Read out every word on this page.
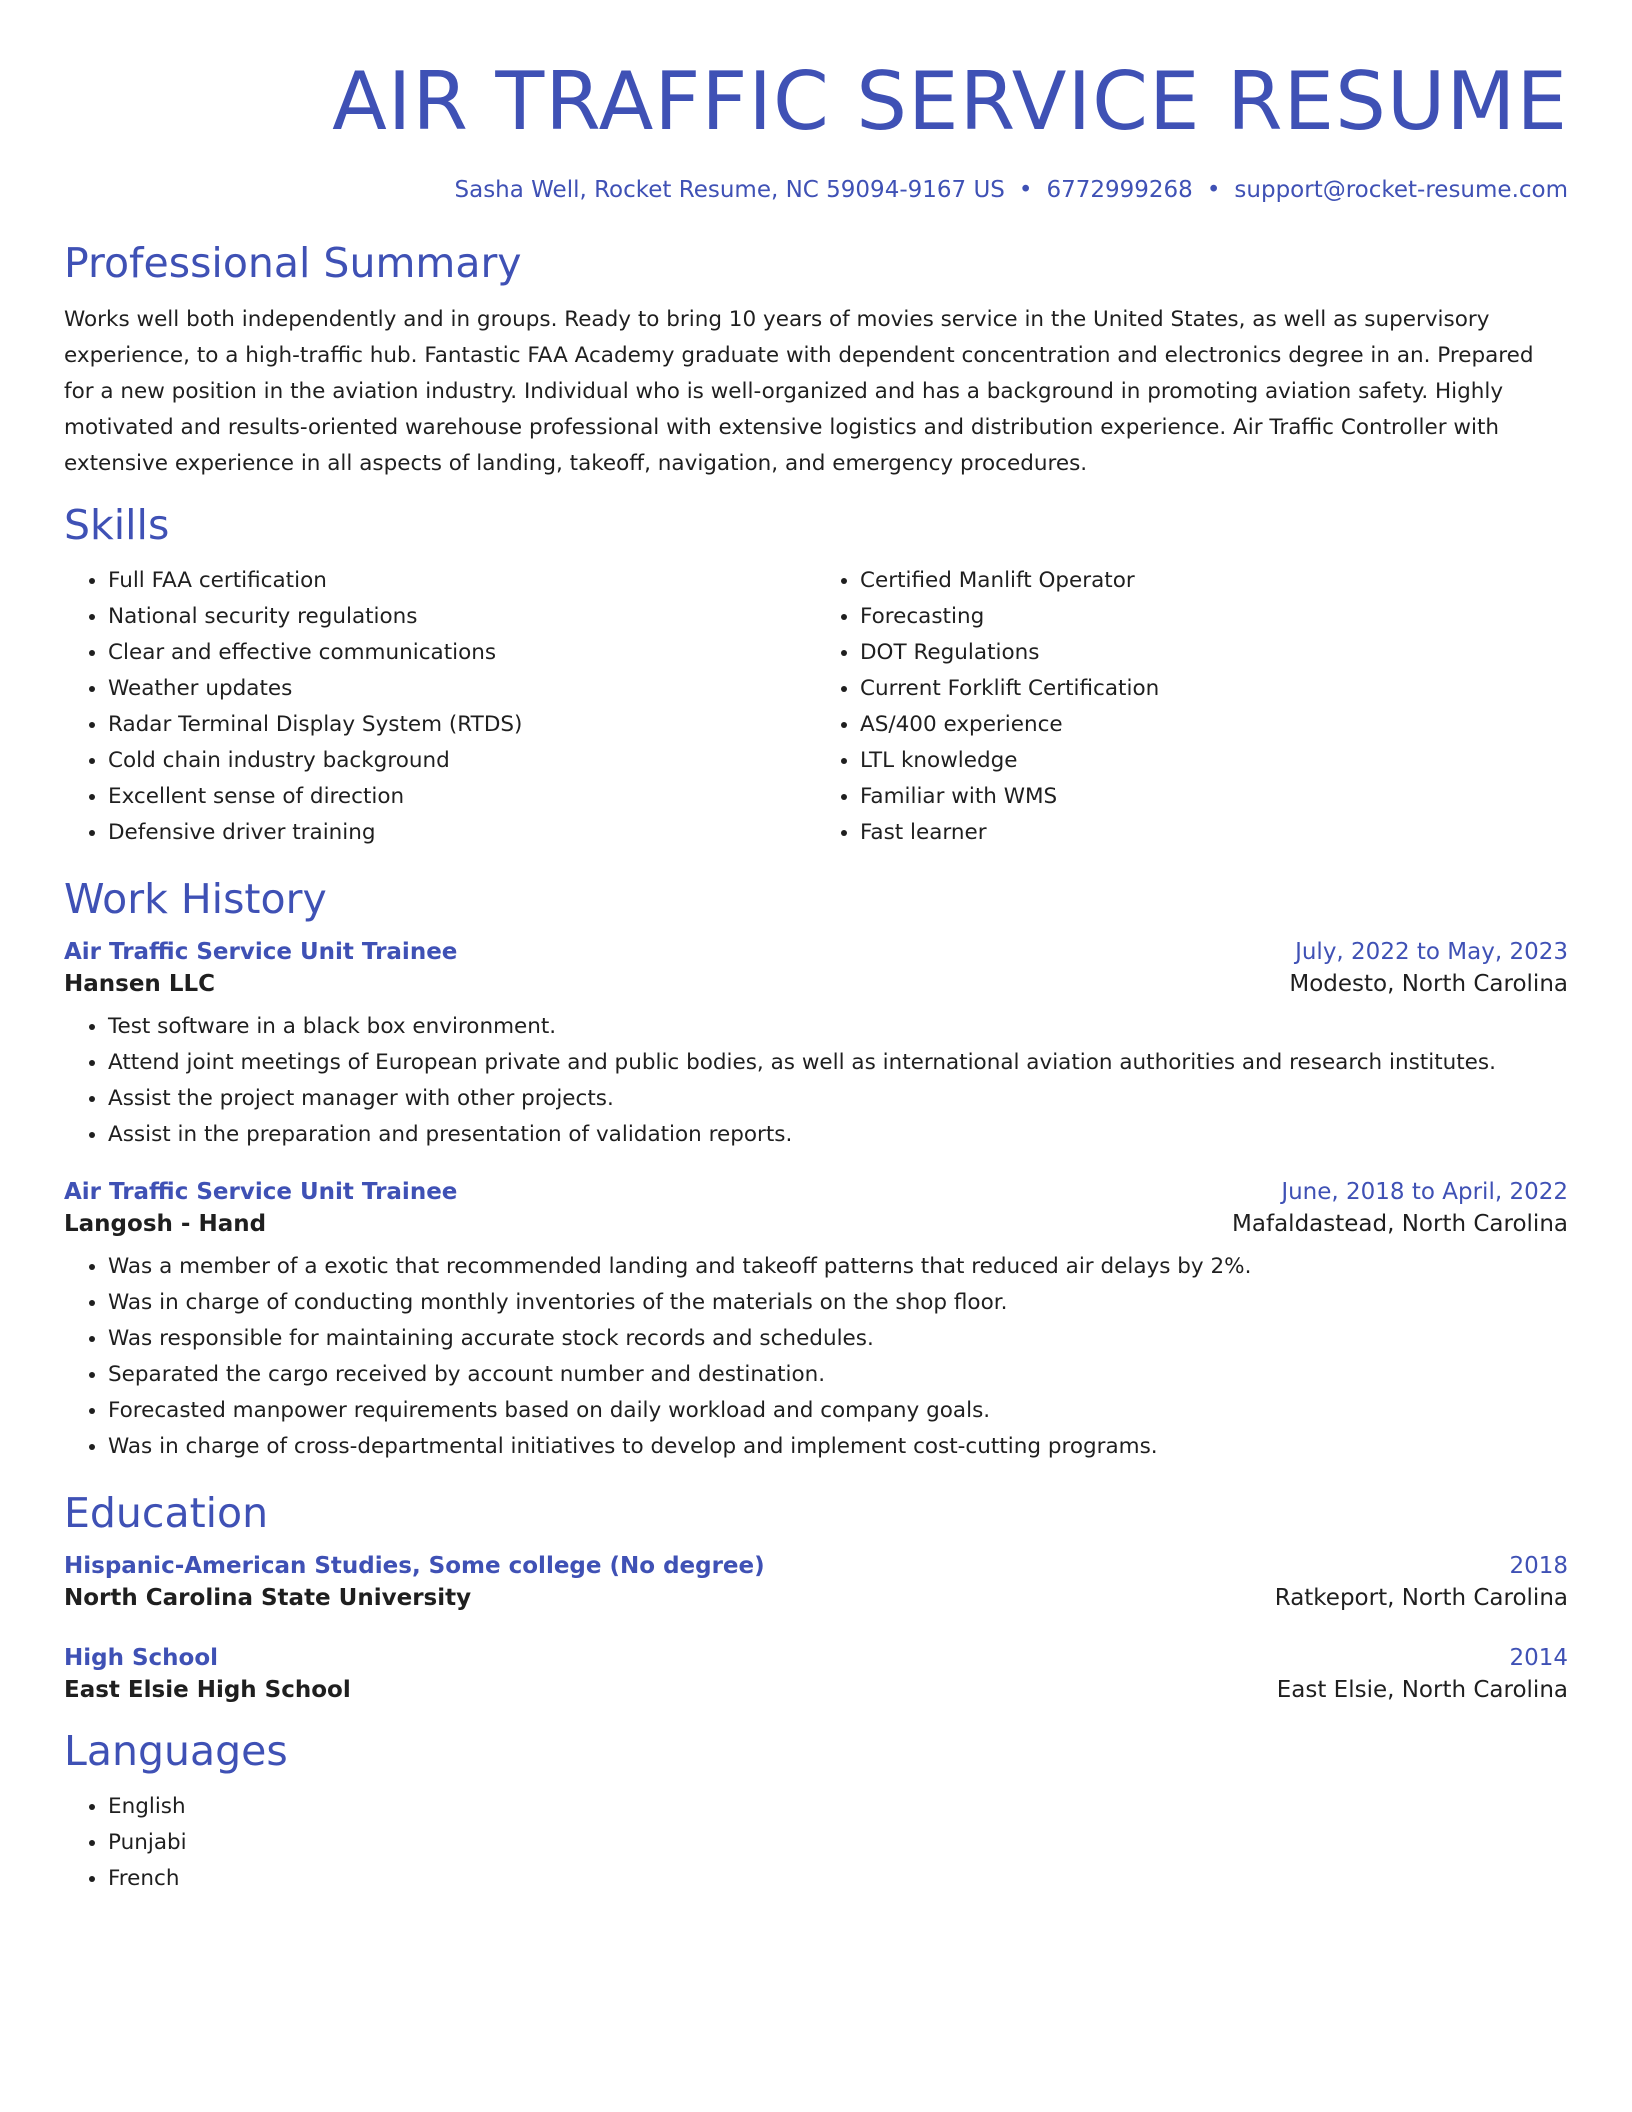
AIR TRAFFIC SERVICE RESUME
Sasha Well, Rocket Resume, NC 59094-9167 US • 6772999268 • support@rocket-resume.com
Professional Summary

Works well both independently and in groups. Ready to bring 10 years of movies service in the United States, as well as supervisory experience, to a high-traffic hub. Fantastic FAA Academy graduate with dependent concentration and electronics degree in an. Prepared for a new position in the aviation industry. Individual who is well-organized and has a background in promoting aviation safety. Highly motivated and results-oriented warehouse professional with extensive logistics and distribution experience. Air Traffic Controller with extensive experience in all aspects of landing, takeoff, navigation, and emergency procedures.

Skills
• Full FAA certification
• National security regulations
• Clear and effective communications
• Weather updates
• Radar Terminal Display System (RTDS)
• Cold chain industry background
• Excellent sense of direction
• Defensive driver training
• Certified Manlift Operator
• Forecasting
• DOT Regulations
• Current Forklift Certification
• AS/400 experience
• LTL knowledge
• Familiar with WMS
• Fast learner
Work History
Air Traffic Service Unit Trainee	July, 2022 to May, 2023
Hansen LLC	Modesto, North Carolina
• Test software in a black box environment.
• Attend joint meetings of European private and public bodies, as well as international aviation authorities and research institutes.
• Assist the project manager with other projects.
• Assist in the preparation and presentation of validation reports.
Air Traffic Service Unit Trainee	June, 2018 to April, 2022
Langosh - Hand	Mafaldastead, North Carolina
• Was a member of a exotic that recommended landing and takeoff patterns that reduced air delays by 2%.
• Was in charge of conducting monthly inventories of the materials on the shop floor.
• Was responsible for maintaining accurate stock records and schedules.
• Separated the cargo received by account number and destination.
• Forecasted manpower requirements based on daily workload and company goals.
• Was in charge of cross-departmental initiatives to develop and implement cost-cutting programs.
Education
Hispanic-American Studies, Some college (No degree)	2018
North Carolina State University	Ratkeport, North Carolina
High School	2014
East Elsie High School	East Elsie, North Carolina
Languages
• English
• Punjabi
• French
